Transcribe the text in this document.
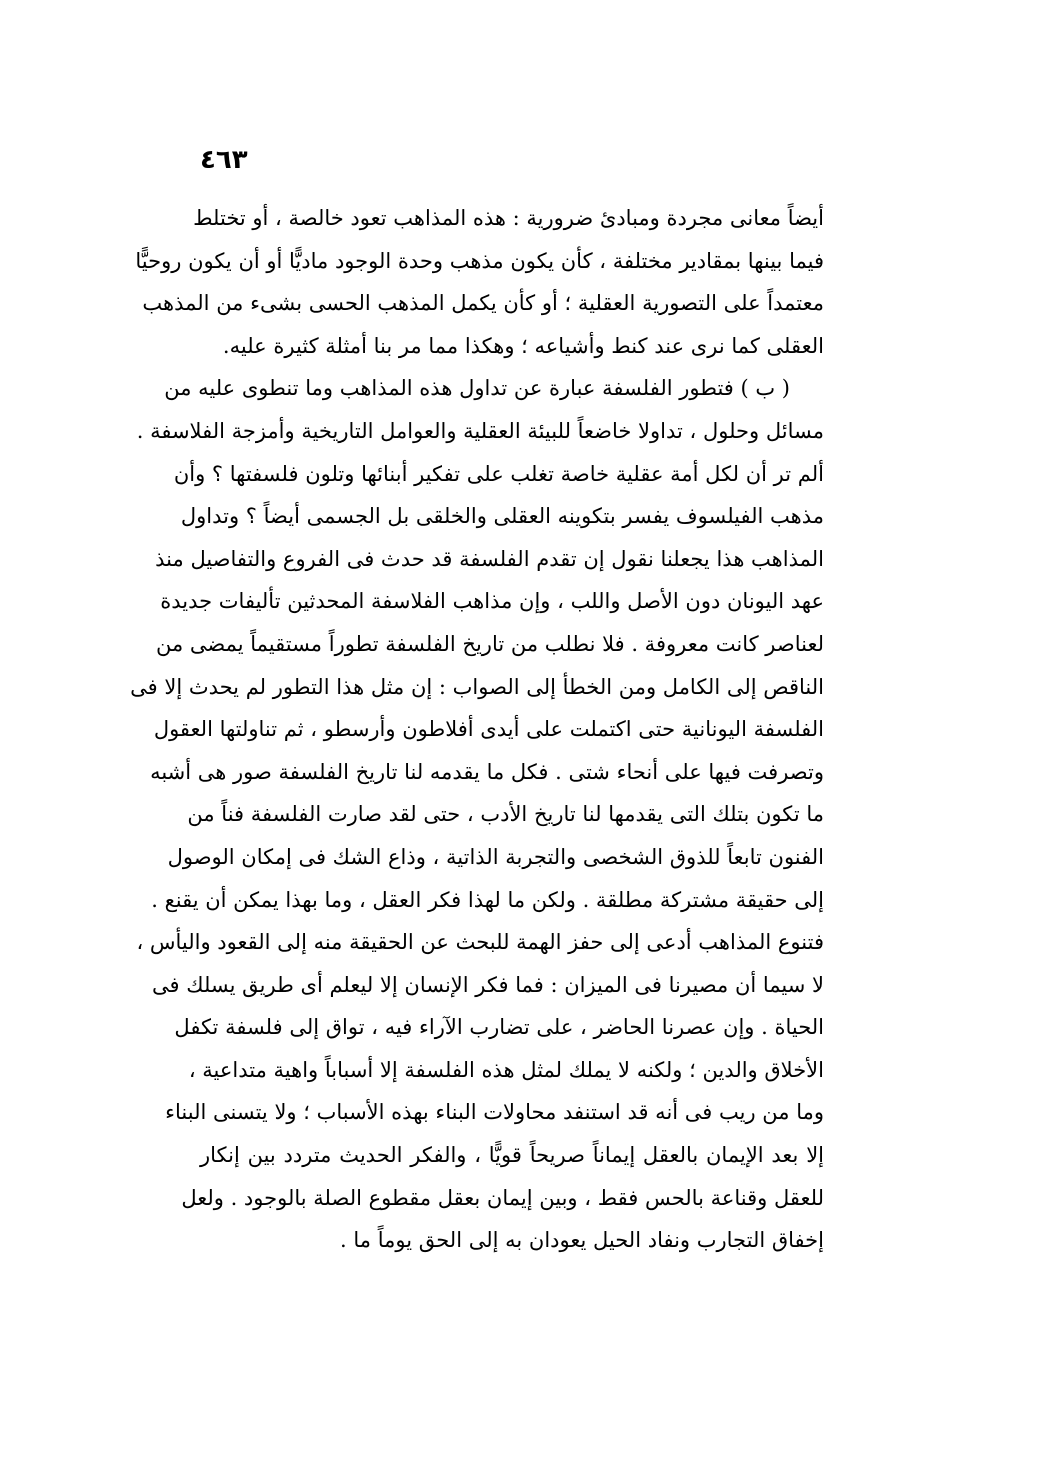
٤٦٣
أيضاً معانى مجردة ومبادئ ضرورية : هذه المذاهب تعود خالصة ، أو تختلط
فيما بينها بمقادير مختلفة ، كأن يكون مذهب وحدة الوجود ماديًّا أو أن يكون روحيًّا
معتمداً على التصورية العقلية ؛ أو كأن يكمل المذهب الحسى بشىء من المذهب
العقلى كما نرى عند كنط وأشياعه ؛ وهكذا مما مر بنا أمثلة كثيرة عليه.
( ب ) فتطور الفلسفة عبارة عن تداول هذه المذاهب وما تنطوى عليه من
مسائل وحلول ، تداولا خاضعاً للبيئة العقلية والعوامل التاريخية وأمزجة الفلاسفة .
ألم تر أن لكل أمة عقلية خاصة تغلب على تفكير أبنائها وتلون فلسفتها ؟ وأن
مذهب الفيلسوف يفسر بتكوينه العقلى والخلقى بل الجسمى أيضاً ؟ وتداول
المذاهب هذا يجعلنا نقول إن تقدم الفلسفة قد حدث فى الفروع والتفاصيل منذ
عهد اليونان دون الأصل واللب ، وإن مذاهب الفلاسفة المحدثين تأليفات جديدة
لعناصر كانت معروفة . فلا نطلب من تاريخ الفلسفة تطوراً مستقيماً يمضى من
الناقص إلى الكامل ومن الخطأ إلى الصواب : إن مثل هذا التطور لم يحدث إلا فى
الفلسفة اليونانية حتى اكتملت على أيدى أفلاطون وأرسطو ، ثم تناولتها العقول
وتصرفت فيها على أنحاء شتى . فكل ما يقدمه لنا تاريخ الفلسفة صور هى أشبه
ما تكون بتلك التى يقدمها لنا تاريخ الأدب ، حتى لقد صارت الفلسفة فناً من
الفنون تابعاً للذوق الشخصى والتجربة الذاتية ، وذاع الشك فى إمكان الوصول
إلى حقيقة مشتركة مطلقة . ولكن ما لهذا فكر العقل ، وما بهذا يمكن أن يقنع .
فتنوع المذاهب أدعى إلى حفز الهمة للبحث عن الحقيقة منه إلى القعود واليأس ،
لا سيما أن مصيرنا فى الميزان : فما فكر الإنسان إلا ليعلم أى طريق يسلك فى
الحياة . وإن عصرنا الحاضر ، على تضارب الآراء فيه ، تواق إلى فلسفة تكفل
الأخلاق والدين ؛ ولكنه لا يملك لمثل هذه الفلسفة إلا أسباباً واهية متداعية ،
وما من ريب فى أنه قد استنفد محاولات البناء بهذه الأسباب ؛ ولا يتسنى البناء
إلا بعد الإيمان بالعقل إيماناً صريحاً قويًّا ، والفكر الحديث متردد بين إنكار
للعقل وقناعة بالحس فقط ، وبين إيمان بعقل مقطوع الصلة بالوجود . ولعل
إخفاق التجارب ونفاد الحيل يعودان به إلى الحق يوماً ما .
